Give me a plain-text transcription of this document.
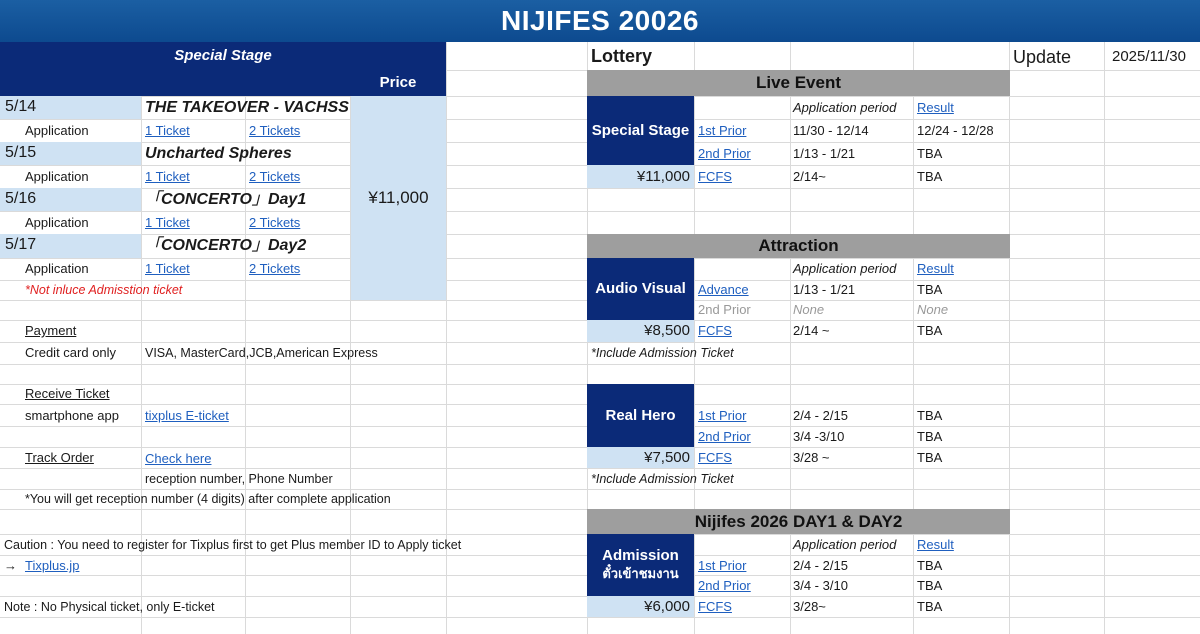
NIJIFES 20026
Special Stage
Price
¥11,000
5/14	THE TAKEOVER - VACHSS
Application	1 Ticket	2 Tickets
5/15	Uncharted Spheres
Application	1 Ticket	2 Tickets
5/16	「CONCERTO」Day1
Application	1 Ticket	2 Tickets
5/17	「CONCERTO」Day2
Application	1 Ticket	2 Tickets
*Not inluce Admisstion ticket
Payment
Credit card only VISA, MasterCard,JCB,American Express
Receive Ticket
smartphone app tixplus E-ticket
Track Order	Check here
reception number, Phone Number
*You will get reception number (4 digits) after complete application
Caution : You need to register for Tixplus first to get Plus member ID to Apply ticket
→ Tixplus.jp
Note : No Physical ticket, only E-ticket
Lottery	Update	2025/11/30
Live Event
Special Stage
¥11,000
Application period Result
1st Prior	11/30 - 12/14	12/24 - 12/28
2nd Prior	1/13 - 1/21	TBA
FCFS	2/14~	TBA
Attraction
Audio Visual
¥8,500
Application period Result
Advance	1/13 - 1/21	TBA
2nd Prior	None	None
FCFS	2/14 ~	TBA
*Include Admission Ticket
Real Hero
¥7,500
1st Prior	2/4 - 2/15	TBA
2nd Prior	3/4 -3/10	TBA
FCFS	3/28 ~	TBA
*Include Admission Ticket
Nijifes 2026 DAY1 & DAY2
Admission
ตั๋วเข้าชมงาน
¥6,000
Application period Result
1st Prior	2/4 - 2/15	TBA
2nd Prior	3/4 - 3/10	TBA
FCFS	3/28~	TBA
